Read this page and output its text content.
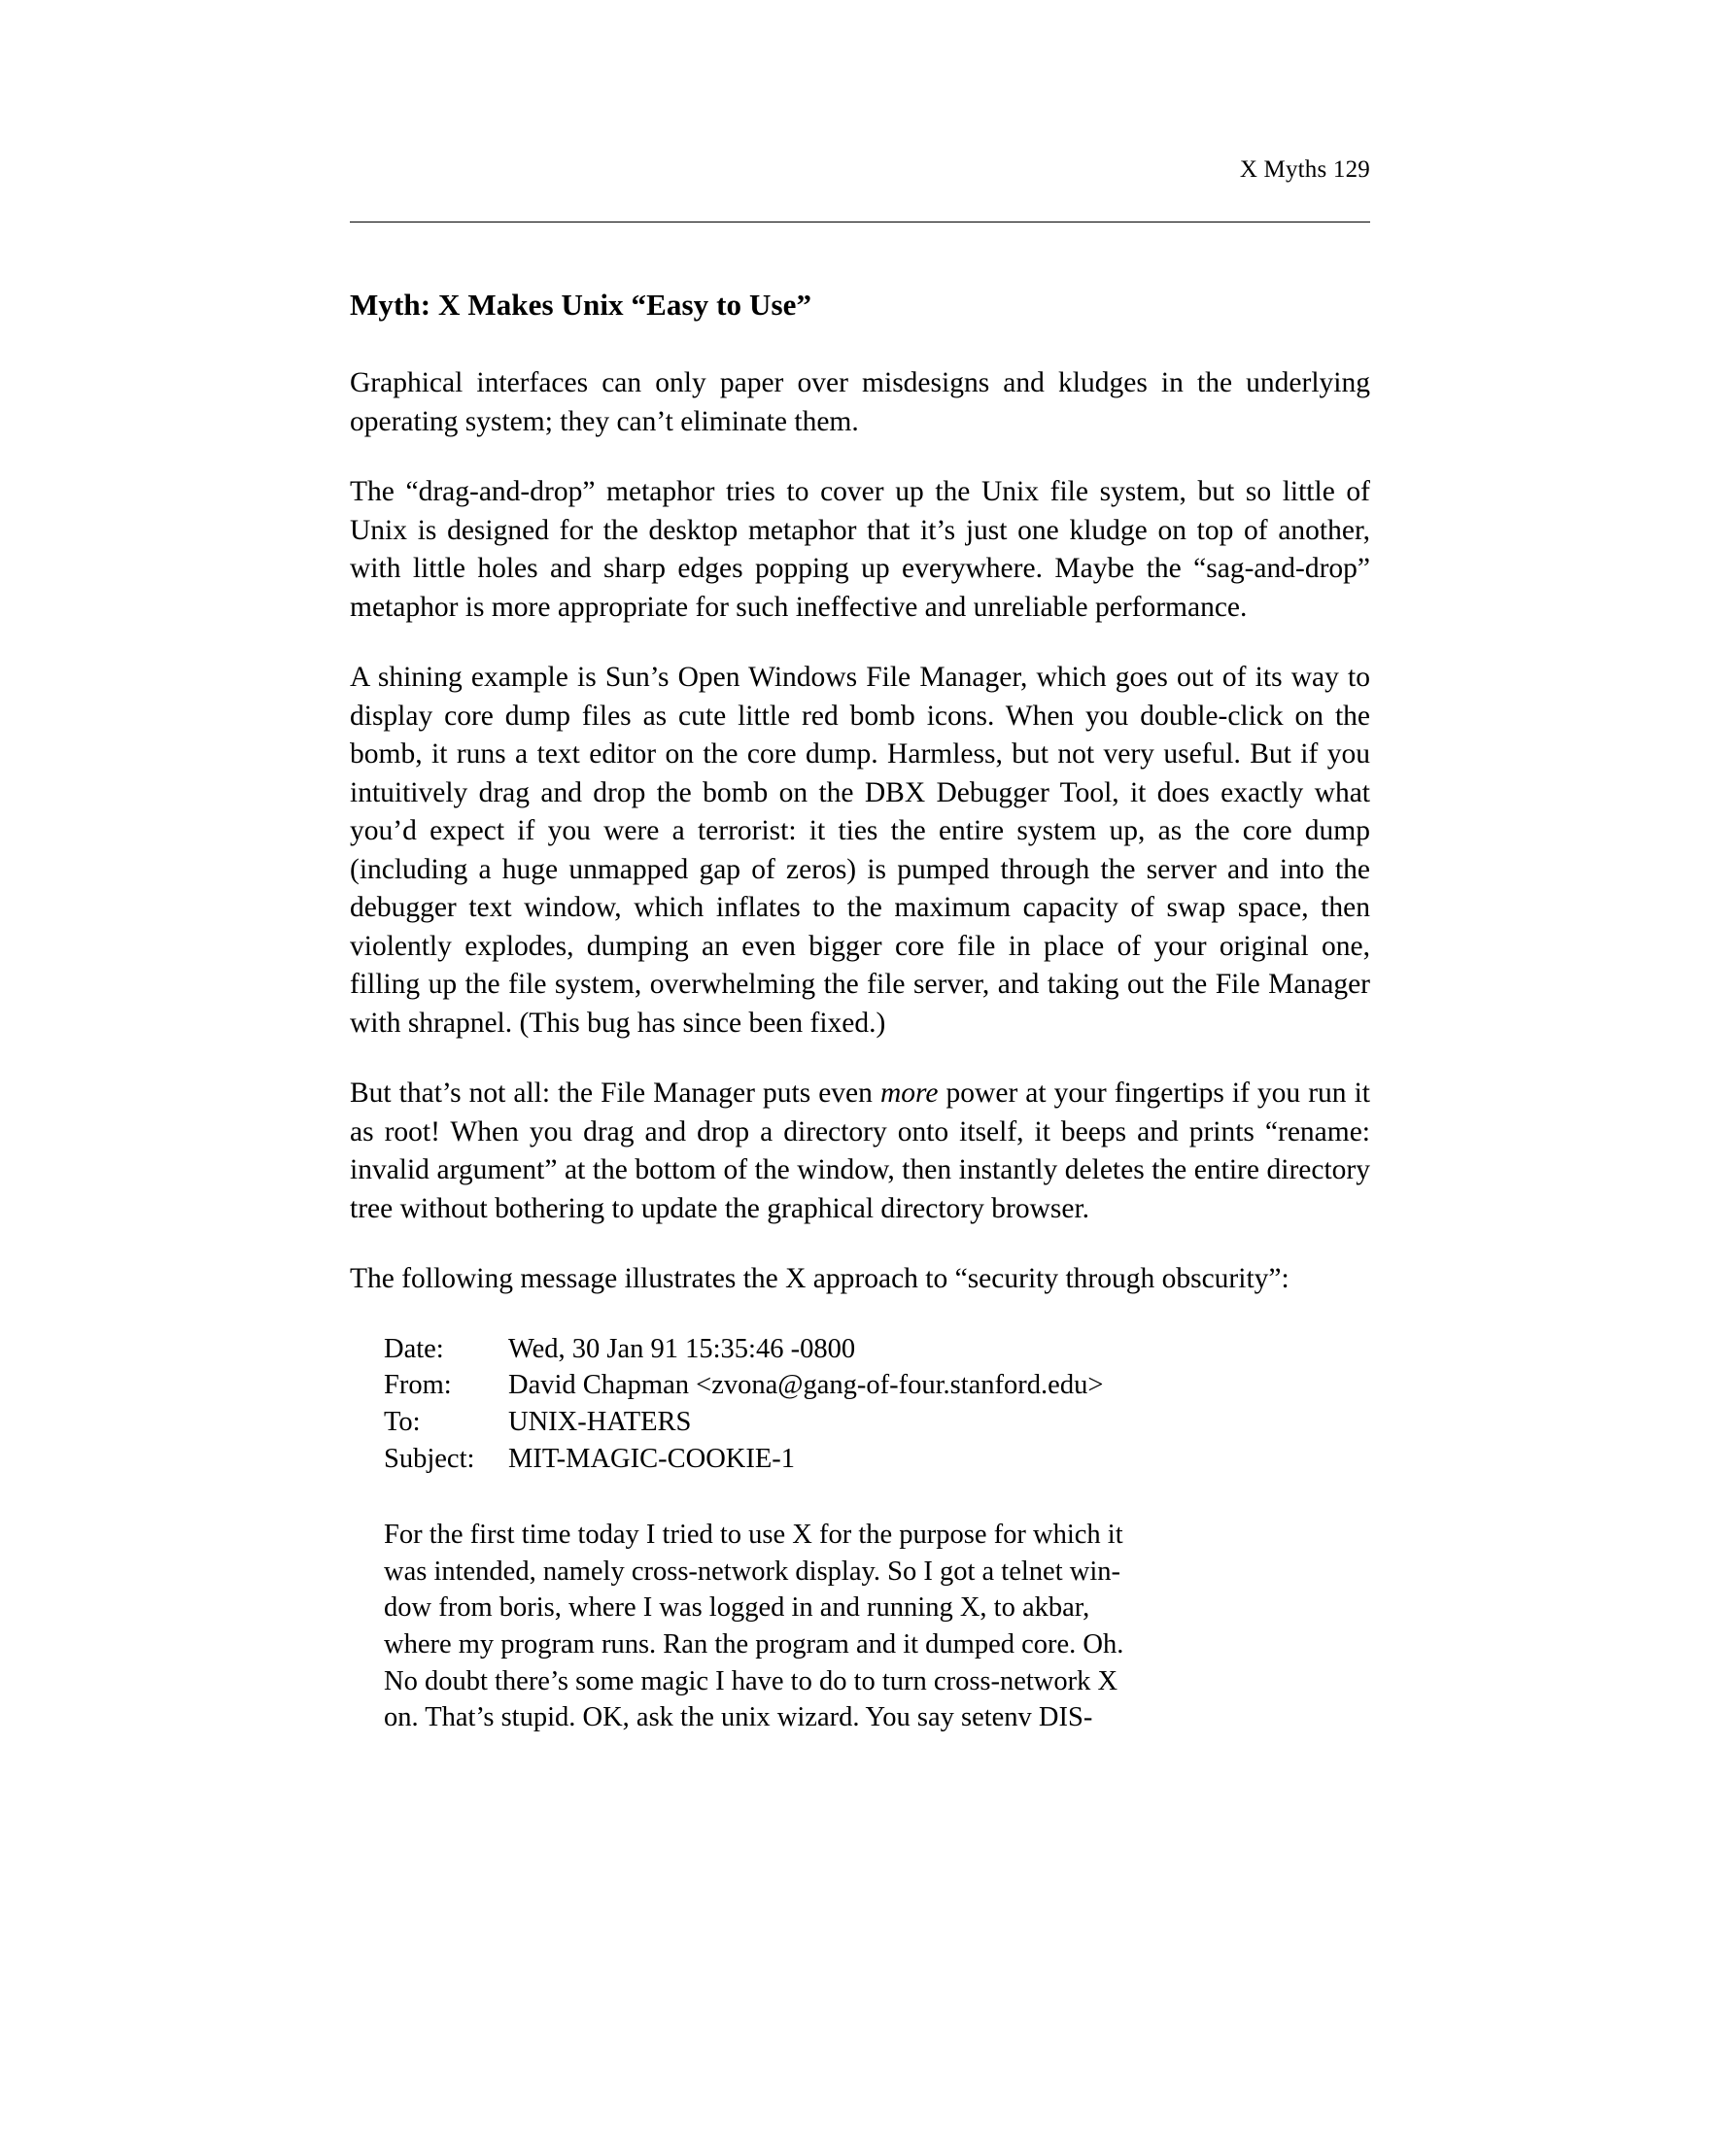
X Myths 129
Myth: X Makes Unix “Easy to Use”

Graphical interfaces can only paper over misdesigns and kludges in the underlying operating system; they can’t eliminate them.

The “drag-and-drop” metaphor tries to cover up the Unix file system, but so little of Unix is designed for the desktop metaphor that it’s just one kludge on top of another, with little holes and sharp edges popping up everywhere. Maybe the “sag-and-drop” metaphor is more appropriate for such ineffective and unreliable performance.

A shining example is Sun’s Open Windows File Manager, which goes out of its way to display core dump files as cute little red bomb icons. When you double-click on the bomb, it runs a text editor on the core dump. Harmless, but not very useful. But if you intuitively drag and drop the bomb on the DBX Debugger Tool, it does exactly what you’d expect if you were a terrorist: it ties the entire system up, as the core dump (including a huge unmapped gap of zeros) is pumped through the server and into the debugger text window, which inflates to the maximum capacity of swap space, then violently explodes, dumping an even bigger core file in place of your original one, filling up the file system, overwhelming the file server, and taking out the File Manager with shrapnel. (This bug has since been fixed.)

But that’s not all: the File Manager puts even more power at your fingertips if you run it as root! When you drag and drop a directory onto itself, it beeps and prints “rename: invalid argument” at the bottom of the window, then instantly deletes the entire directory tree without bothering to update the graphical directory browser.

The following message illustrates the X approach to “security through obscurity”:

Date:	Wed, 30 Jan 91 15:35:46 -0800
From:	David Chapman <zvona@gang-of-four.stanford.edu>
To:	UNIX-HATERS
Subject:	MIT-MAGIC-COOKIE-1
For the first time today I tried to use X for the purpose for which it
was intended, namely cross-network display. So I got a telnet win-
dow from boris, where I was logged in and running X, to akbar,
where my program runs. Ran the program and it dumped core. Oh.
No doubt there’s some magic I have to do to turn cross-network X
on. That’s stupid. OK, ask the unix wizard. You say setenv DIS-
